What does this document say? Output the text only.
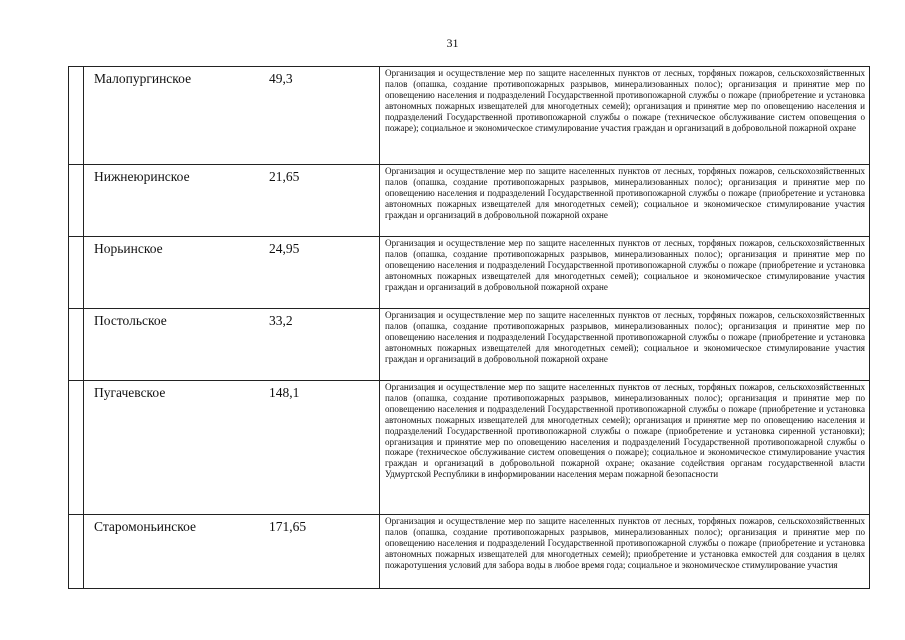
31
Малопургинское	49,3	Организация и осуществление мер по защите населенных пунктов от лесных, торфяных пожаров, сельскохозяйственных палов (опашка, создание противопожарных разрывов, минерализованных полос); организация и принятие мер по оповещению населения и подразделений Государственной противопожарной службы о пожаре (приобретение и установка автономных пожарных извещателей для многодетных семей); организация и принятие мер по оповещению населения и подразделений Государственной противопожарной службы о пожаре (техническое обслуживание систем оповещения о пожаре); социальное и экономическое стимулирование участия граждан и организаций в добровольной пожарной охране
Нижнеюринское	21,65	Организация и осуществление мер по защите населенных пунктов от лесных, торфяных пожаров, сельскохозяйственных палов (опашка, создание противопожарных разрывов, минерализованных полос); организация и принятие мер по оповещению населения и подразделений Государственной противопожарной службы о пожаре (приобретение и установка автономных пожарных извещателей для многодетных семей); социальное и экономическое стимулирование участия граждан и организаций в добровольной пожарной охране
Норьинское	24,95	Организация и осуществление мер по защите населенных пунктов от лесных, торфяных пожаров, сельскохозяйственных палов (опашка, создание противопожарных разрывов, минерализованных полос); организация и принятие мер по оповещению населения и подразделений Государственной противопожарной службы о пожаре (приобретение и установка автономных пожарных извещателей для многодетных семей); социальное и экономическое стимулирование участия граждан и организаций в добровольной пожарной охране
Постольское	33,2	Организация и осуществление мер по защите населенных пунктов от лесных, торфяных пожаров, сельскохозяйственных палов (опашка, создание противопожарных разрывов, минерализованных полос); организация и принятие мер по оповещению населения и подразделений Государственной противопожарной службы о пожаре (приобретение и установка автономных пожарных извещателей для многодетных семей); социальное и экономическое стимулирование участия граждан и организаций в добровольной пожарной охране
Пугачевское	148,1	Организация и осуществление мер по защите населенных пунктов от лесных, торфяных пожаров, сельскохозяйственных палов (опашка, создание противопожарных разрывов, минерализованных полос); организация и принятие мер по оповещению населения и подразделений Государственной противопожарной службы о пожаре (приобретение и установка автономных пожарных извещателей для многодетных семей); организация и принятие мер по оповещению населения и подразделений Государственной противопожарной службы о пожаре (приобретение и установка сиренной установки); организация и принятие мер по оповещению населения и подразделений Государственной противопожарной службы о пожаре (техническое обслуживание систем оповещения о пожаре); социальное и экономическое стимулирование участия граждан и организаций в добровольной пожарной охране; оказание содействия органам государственной власти Удмуртской Республики в информировании населения мерам пожарной безопасности
Старомоньинское	171,65	Организация и осуществление мер по защите населенных пунктов от лесных, торфяных пожаров, сельскохозяйственных палов (опашка, создание противопожарных разрывов, минерализованных полос); организация и принятие мер по оповещению населения и подразделений Государственной противопожарной службы о пожаре (приобретение и установка автономных пожарных извещателей для многодетных семей); приобретение и установка емкостей для создания в целях пожаротушения условий для забора воды в любое время года; социальное и экономическое стимулирование участия
